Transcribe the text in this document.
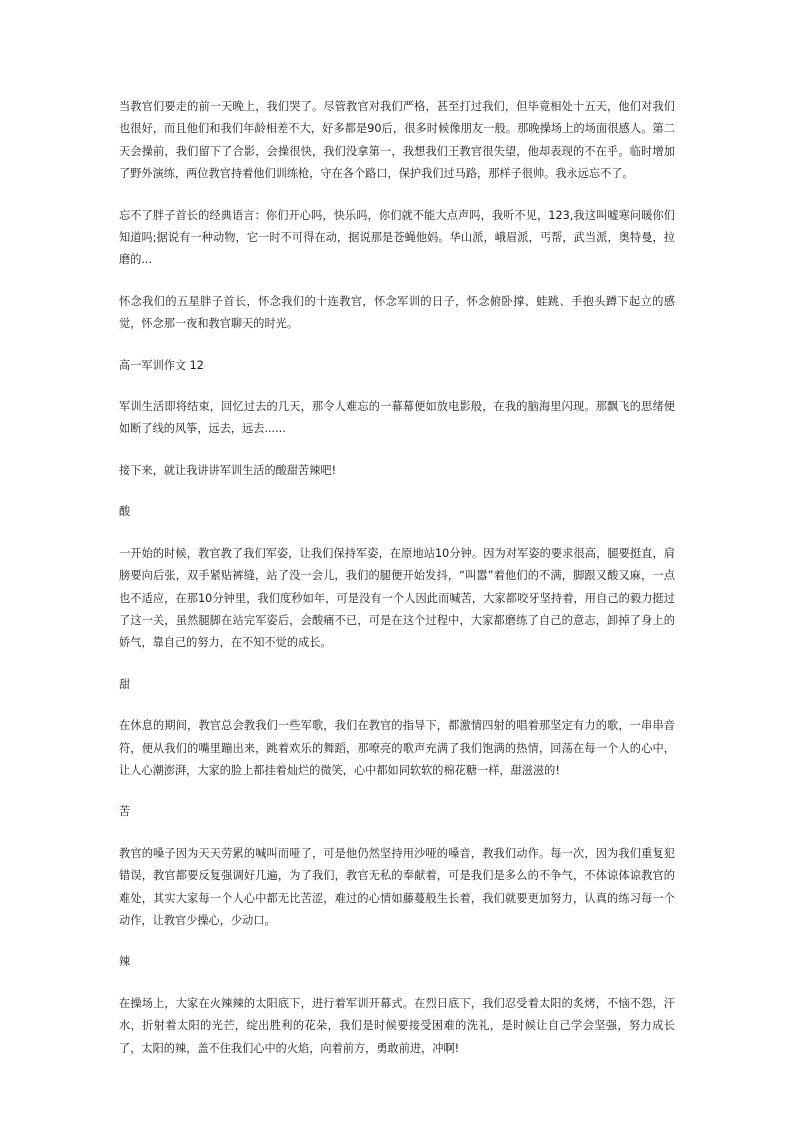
当教官们要走的前一天晚上，我们哭了。尽管教官对我们严格，甚至打过我们，但毕竟相处十五天，他们对我们也很好，而且他们和我们年龄相差不大，好多都是90后，很多时候像朋友一般。那晚操场上的场面很感人。第二天会操前，我们留下了合影，会操很快，我们没拿第一，我想我们王教官很失望，他却表现的不在乎。临时增加了野外演练，两位教官持着他们训练枪，守在各个路口，保护我们过马路，那样子很帅。我永远忘不了。

忘不了胖子首长的经典语言：你们开心吗，快乐吗，你们就不能大点声吗，我听不见，123,我这叫嘘寒问暖你们知道吗;据说有一种动物，它一时不可得在动，据说那是苍蝇他妈。华山派，峨眉派，丐帮，武当派，奥特曼，拉磨的...

怀念我们的五星胖子首长，怀念我们的十连教官，怀念军训的日子，怀念俯卧撑、蛙跳、手抱头蹲下起立的感觉，怀念那一夜和教官聊天的时光。

高一军训作文 12

军训生活即将结束，回忆过去的几天，那令人难忘的一幕幕便如放电影般，在我的脑海里闪现。那飘飞的思绪便如断了线的风筝，远去，远去......

接下来，就让我讲讲军训生活的酸甜苦辣吧!

酸

一开始的时候，教官教了我们军姿，让我们保持军姿，在原地站10分钟。因为对军姿的要求很高，腿要挺直，肩膀要向后张，双手紧贴裤缝，站了没一会儿，我们的腿便开始发抖，“叫嚣”着他们的不满，脚跟又酸又麻，一点也不适应，在那10分钟里，我们度秒如年，可是没有一个人因此而喊苦，大家都咬牙坚持着，用自己的毅力挺过了这一关，虽然腿脚在站完军姿后，会酸痛不已，可是在这个过程中，大家都磨练了自己的意志，卸掉了身上的娇气，靠自己的努力，在不知不觉的成长。

甜

在休息的期间，教官总会教我们一些军歌，我们在教官的指导下，都激情四射的唱着那坚定有力的歌，一串串音符，便从我们的嘴里蹦出来，跳着欢乐的舞蹈，那嘹亮的歌声充满了我们饱满的热情，回荡在每一个人的心中，让人心潮澎湃，大家的脸上都挂着灿烂的微笑，心中都如同软软的棉花糖一样，甜滋滋的!

苦

教官的嗓子因为天天劳累的喊叫而哑了，可是他仍然坚持用沙哑的嗓音，教我们动作。每一次，因为我们重复犯错误，教官都要反复强调好几遍，为了我们，教官无私的奉献着，可是我们是多么的不争气，不体谅体谅教官的难处，其实大家每一个人心中都无比苦涩，难过的心情如藤蔓般生长着，我们就要更加努力，认真的练习每一个动作，让教官少操心，少动口。

辣

在操场上，大家在火辣辣的太阳底下，进行着军训开幕式。在烈日底下，我们忍受着太阳的炙烤，不恼不怨，汗水，折射着太阳的光芒，绽出胜利的花朵，我们是时候要接受困难的洗礼，是时候让自己学会坚强，努力成长了，太阳的辣，盖不住我们心中的火焰，向着前方，勇敢前进，冲啊!
